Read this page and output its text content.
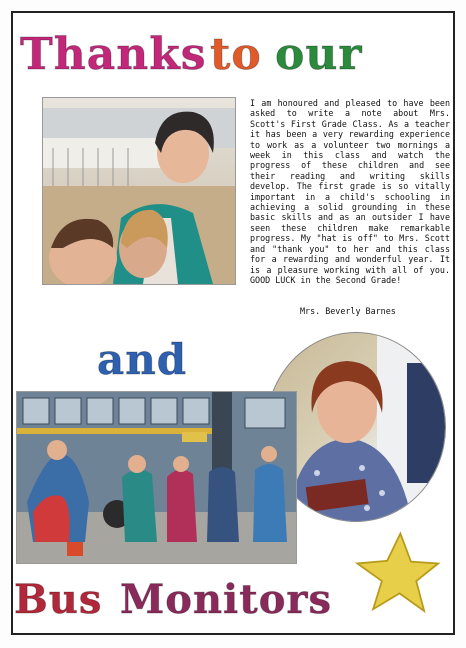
Thanks to our

I am honoured and pleased to have been asked to write a note about Mrs. Scott's First Grade Class. As a teacher it has been a very rewarding experience to work as a volunteer two mornings a week in this class and watch the progress of these children and see their reading and writing skills develop. The first grade is so vitally important in a child's schooling in achieving a solid grounding in these basic skills and as an outsider I have seen these children make remarkable progress. My "hat is off" to Mrs. Scott and "thank you" to her and this class for a rewarding and wonderful year. It is a pleasure working with all of you. GOOD LUCK in the Second Grade!

Mrs. Beverly Barnes
and
Bus Monitors
